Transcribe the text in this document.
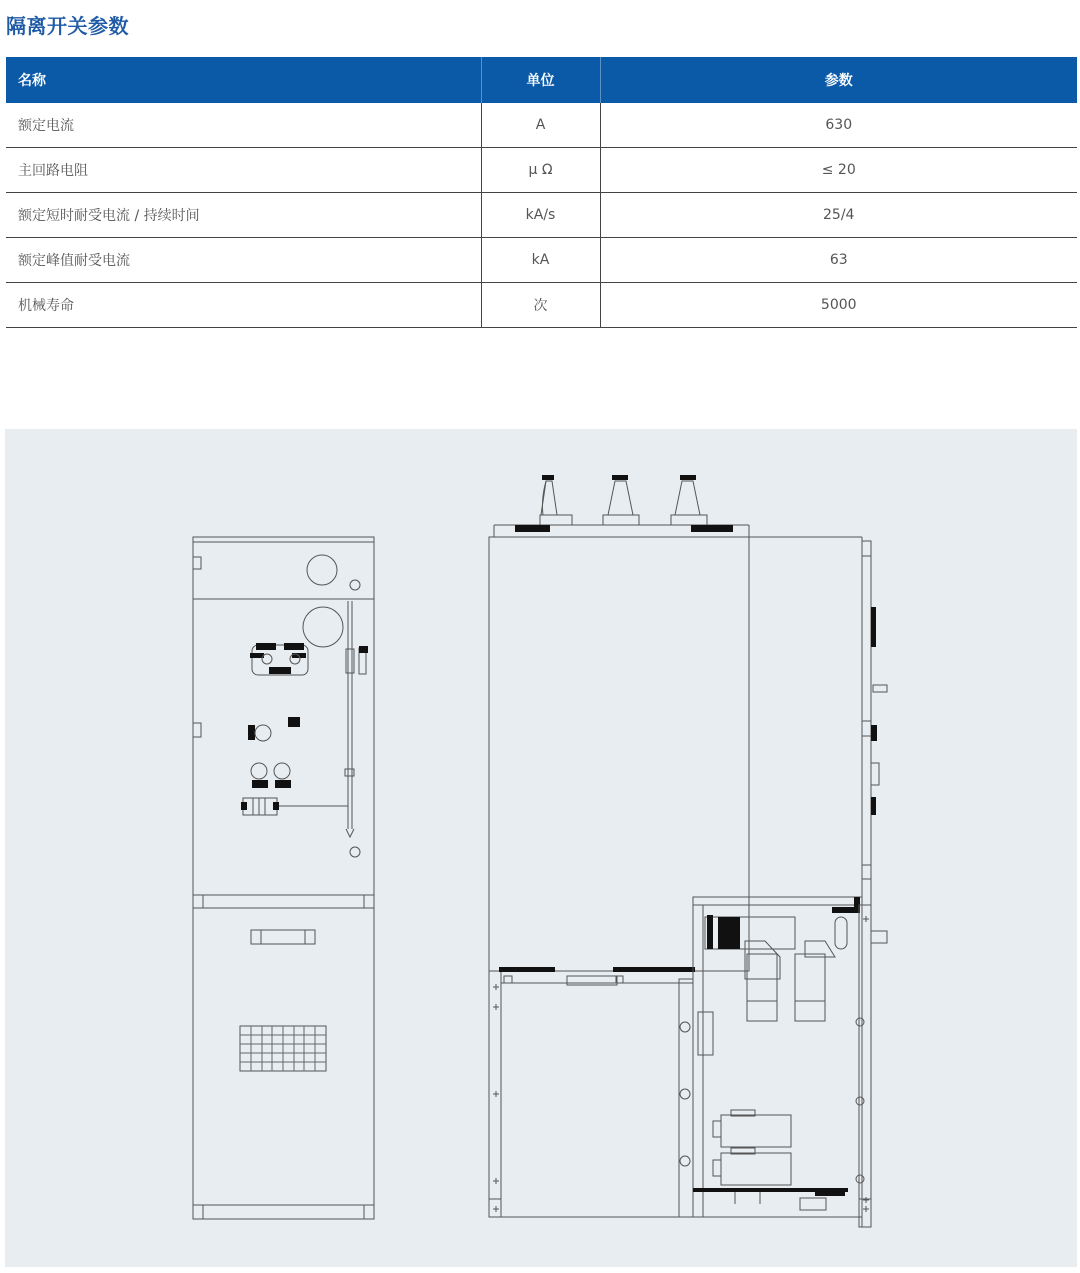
隔离开关参数
名称	单位	参数
额定电流	A	630
主回路电阻	μ Ω	≤ 20
额定短时耐受电流 / 持续时间	kA/s	25/4
额定峰值耐受电流	kA	63
机械寿命	次	5000
